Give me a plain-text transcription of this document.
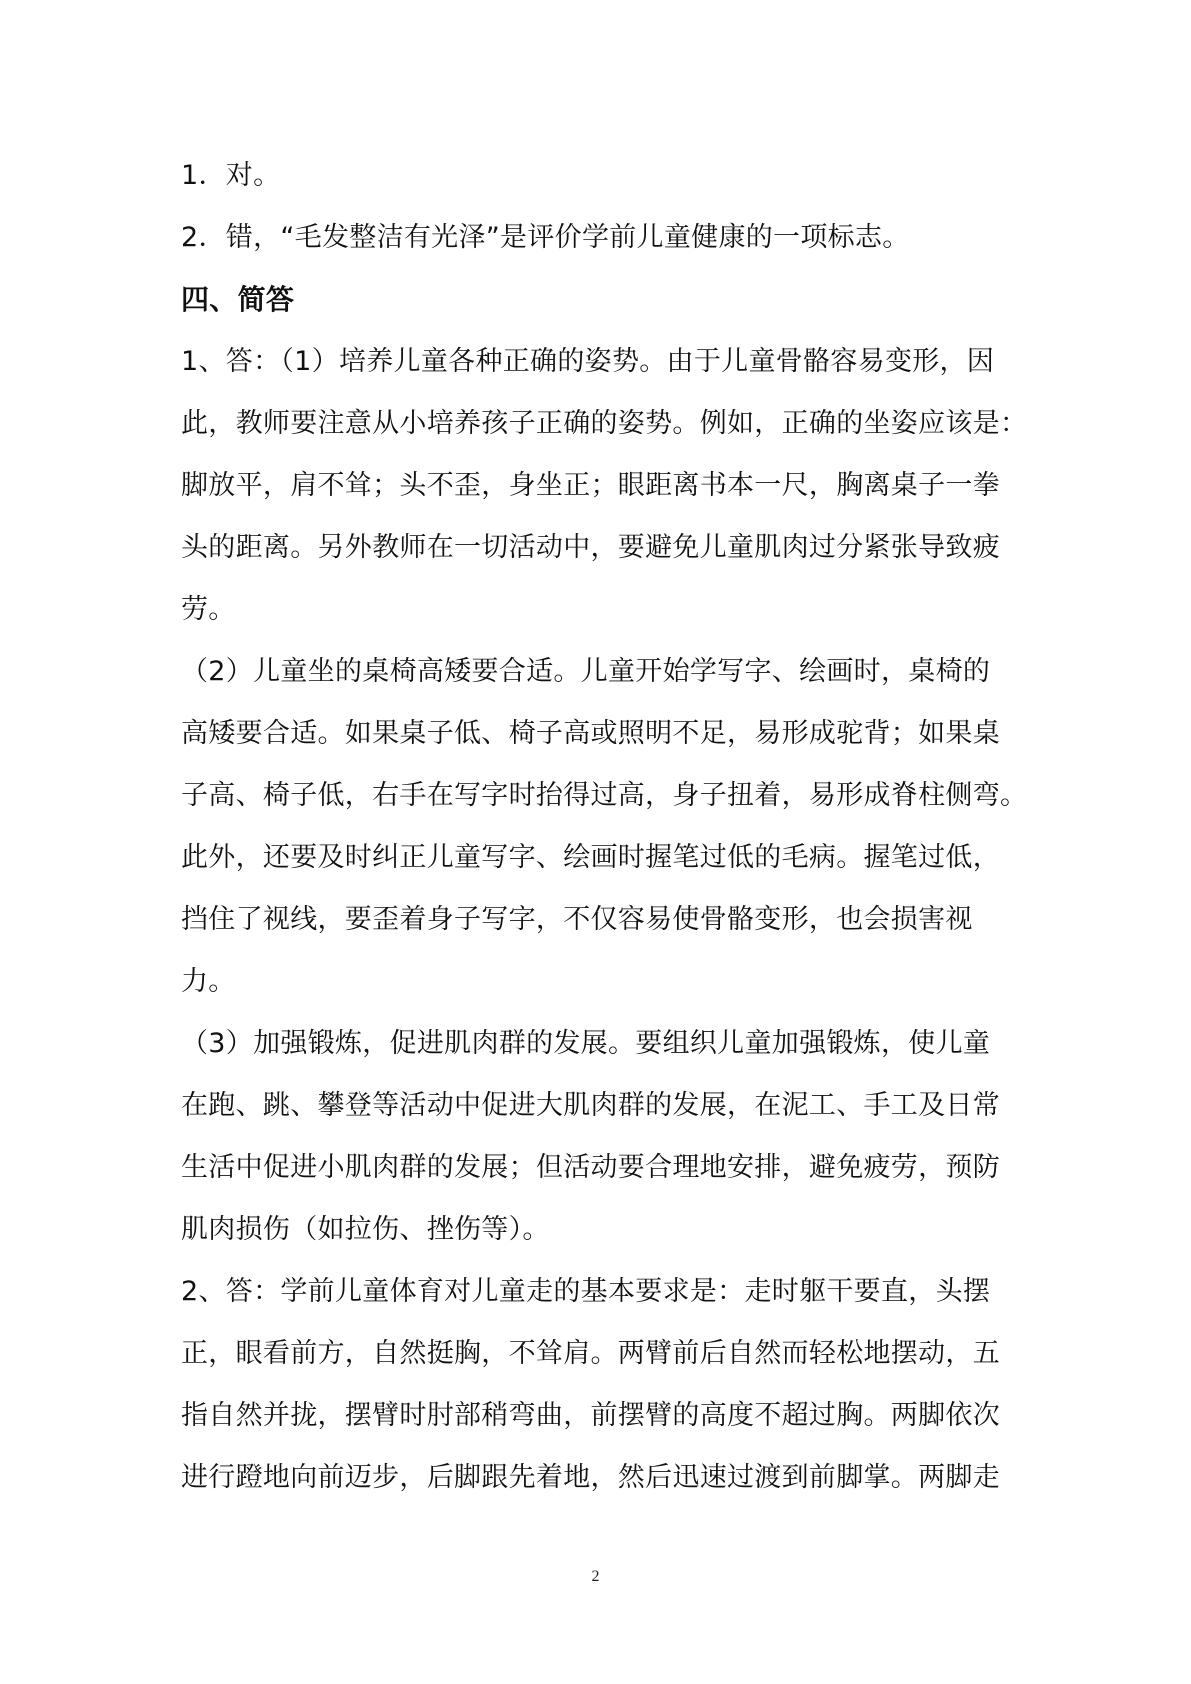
1．对。
2．错，“毛发整洁有光泽”是评价学前儿童健康的一项标志。
四、简答
1、答：（1）培养儿童各种正确的姿势。由于儿童骨骼容易变形，因
此，教师要注意从小培养孩子正确的姿势。例如，正确的坐姿应该是：
脚放平，肩不耸；头不歪，身坐正；眼距离书本一尺，胸离桌子一拳
头的距离。另外教师在一切活动中，要避免儿童肌肉过分紧张导致疲
劳。
（2）儿童坐的桌椅高矮要合适。儿童开始学写字、绘画时，桌椅的
高矮要合适。如果桌子低、椅子高或照明不足，易形成驼背；如果桌
子高、椅子低，右手在写字时抬得过高，身子扭着，易形成脊柱侧弯。
此外，还要及时纠正儿童写字、绘画时握笔过低的毛病。握笔过低，
挡住了视线，要歪着身子写字，不仅容易使骨骼变形，也会损害视
力。
（3）加强锻炼，促进肌肉群的发展。要组织儿童加强锻炼，使儿童
在跑、跳、攀登等活动中促进大肌肉群的发展，在泥工、手工及日常
生活中促进小肌肉群的发展；但活动要合理地安排，避免疲劳，预防
肌肉损伤（如拉伤、挫伤等）。
2、答：学前儿童体育对儿童走的基本要求是：走时躯干要直，头摆
正，眼看前方，自然挺胸，不耸肩。两臂前后自然而轻松地摆动，五
指自然并拢，摆臂时肘部稍弯曲，前摆臂的高度不超过胸。两脚依次
进行蹬地向前迈步，后脚跟先着地，然后迅速过渡到前脚掌。两脚走
2
